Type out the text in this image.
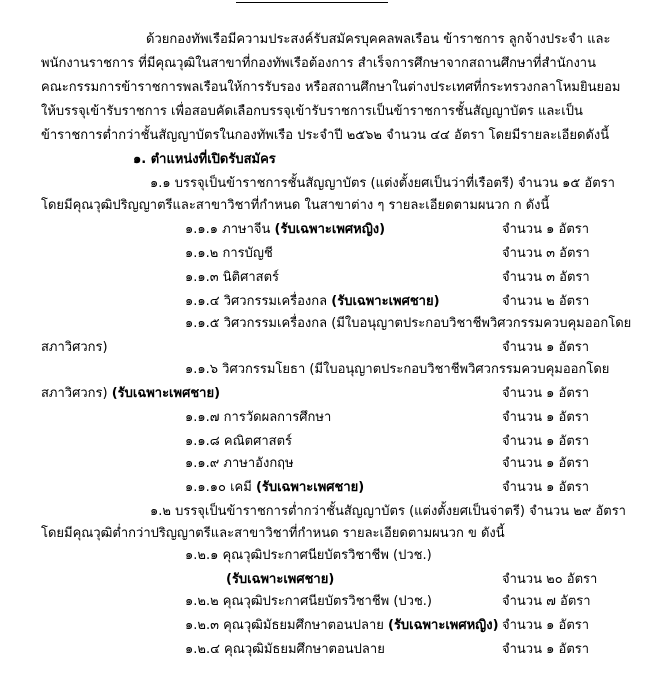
ด้วยกองทัพเรือมีความประสงค์รับสมัครบุคคลพลเรือน ข้าราชการ ลูกจ้างประจำ และ
พนักงานราชการ ที่มีคุณวุฒิในสาขาที่กองทัพเรือต้องการ สำเร็จการศึกษาจากสถานศึกษาที่สำนักงาน
คณะกรรมการข้าราชการพลเรือนให้การรับรอง หรือสถานศึกษาในต่างประเทศที่กระทรวงกลาโหมยินยอม
ให้บรรจุเข้ารับราชการ เพื่อสอบคัดเลือกบรรจุเข้ารับราชการเป็นข้าราชการชั้นสัญญาบัตร และเป็น
ข้าราชการต่ำกว่าชั้นสัญญาบัตรในกองทัพเรือ ประจำปี ๒๕๖๒ จำนวน ๔๔ อัตรา โดยมีรายละเอียดดังนี้
๑. ตำแหน่งที่เปิดรับสมัคร
๑.๑ บรรจุเป็นข้าราชการชั้นสัญญาบัตร (แต่งตั้งยศเป็นว่าที่เรือตรี) จำนวน ๑๕ อัตรา
โดยมีคุณวุฒิปริญญาตรีและสาขาวิชาที่กำหนด ในสาขาต่าง ๆ รายละเอียดตามผนวก ก ดังนี้
๑.๑.๑ ภาษาจีน (รับเฉพาะเพศหญิง)	จำนวน ๑ อัตรา
๑.๑.๒ การบัญชี	จำนวน ๓ อัตรา
๑.๑.๓ นิติศาสตร์	จำนวน ๓ อัตรา
๑.๑.๔ วิศวกรรมเครื่องกล (รับเฉพาะเพศชาย)	จำนวน ๒ อัตรา
๑.๑.๕ วิศวกรรมเครื่องกล (มีใบอนุญาตประกอบวิชาชีพวิศวกรรมควบคุม ออกโดย
สภาวิศวกร)	จำนวน ๑ อัตรา
๑.๑.๖ วิศวกรรมโยธา (มีใบอนุญาตประกอบวิชาชีพวิศวกรรมควบคุม ออกโดย
สภาวิศวกร) (รับเฉพาะเพศชาย)	จำนวน ๑ อัตรา
๑.๑.๗ การวัดผลการศึกษา	จำนวน ๑ อัตรา
๑.๑.๘ คณิตศาสตร์	จำนวน ๑ อัตรา
๑.๑.๙ ภาษาอังกฤษ	จำนวน ๑ อัตรา
๑.๑.๑๐ เคมี (รับเฉพาะเพศชาย)	จำนวน ๑ อัตรา
๑.๒ บรรจุเป็นข้าราชการต่ำกว่าชั้นสัญญาบัตร (แต่งตั้งยศเป็นจ่าตรี) จำนวน ๒๙ อัตรา
โดยมีคุณวุฒิต่ำกว่าปริญญาตรีและสาขาวิชาที่กำหนด รายละเอียดตามผนวก ข ดังนี้
๑.๒.๑ คุณวุฒิประกาศนียบัตรวิชาชีพ (ปวช.)
(รับเฉพาะเพศชาย)	จำนวน ๒๐ อัตรา
๑.๒.๒ คุณวุฒิประกาศนียบัตรวิชาชีพ (ปวช.)	จำนวน ๗ อัตรา
๑.๒.๓ คุณวุฒิมัธยมศึกษาตอนปลาย (รับเฉพาะเพศหญิง) จำนวน ๑ อัตรา
๑.๒.๔ คุณวุฒิมัธยมศึกษาตอนปลาย	จำนวน ๑ อัตรา
